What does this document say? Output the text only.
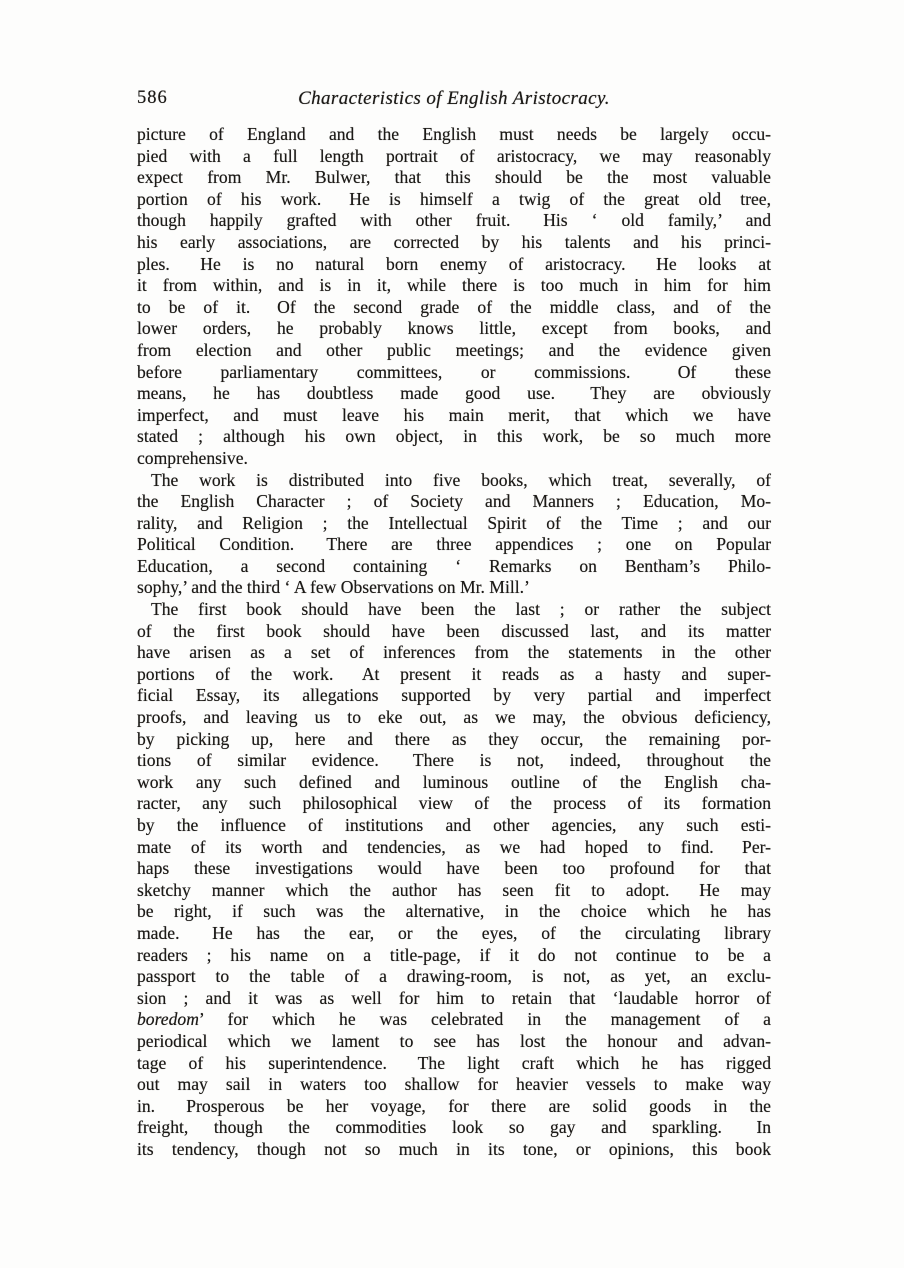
586	Characteristics of English Aristocracy.
picture of England and the English must needs be largely occu-
pied with a full length portrait of aristocracy, we may reasonably
expect from Mr. Bulwer, that this should be the most valuable
portion of his work.  He is himself a twig of the great old tree,
though happily grafted with other fruit.  His ‘ old family,’ and
his early associations, are corrected by his talents and his princi-
ples.  He is no natural born enemy of aristocracy.  He looks at
it from within, and is in it, while there is too much in him for him
to be of it.  Of the second grade of the middle class, and of the
lower orders, he probably knows little, except from books, and
from election and other public meetings; and the evidence given
before parliamentary committees, or commissions.  Of these
means, he has doubtless made good use.  They are obviously
imperfect, and must leave his main merit, that which we have
stated ; although his own object, in this work, be so much more
comprehensive.
The work is distributed into five books, which treat, severally, of
the English Character ; of Society and Manners ; Education, Mo-
rality, and Religion ; the Intellectual Spirit of the Time ; and our
Political Condition.  There are three appendices ; one on Popular
Education, a second containing ‘ Remarks on Bentham’s Philo-
sophy,’ and the third ‘ A few Observations on Mr. Mill.’
The first book should have been the last ; or rather the subject
of the first book should have been discussed last, and its matter
have arisen as a set of inferences from the statements in the other
portions of the work.  At present it reads as a hasty and super-
ficial Essay, its allegations supported by very partial and imperfect
proofs, and leaving us to eke out, as we may, the obvious deficiency,
by picking up, here and there as they occur, the remaining por-
tions of similar evidence.  There is not, indeed, throughout the
work any such defined and luminous outline of the English cha-
racter, any such philosophical view of the process of its formation
by the influence of institutions and other agencies, any such esti-
mate of its worth and tendencies, as we had hoped to find.  Per-
haps these investigations would have been too profound for that
sketchy manner which the author has seen fit to adopt.  He may
be right, if such was the alternative, in the choice which he has
made.  He has the ear, or the eyes, of the circulating library
readers ; his name on a title-page, if it do not continue to be a
passport to the table of a drawing-room, is not, as yet, an exclu-
sion ; and it was as well for him to retain that ‘laudable horror of
boredom’ for which he was celebrated in the management of a
periodical which we lament to see has lost the honour and advan-
tage of his superintendence.  The light craft which he has rigged
out may sail in waters too shallow for heavier vessels to make way
in.  Prosperous be her voyage, for there are solid goods in the
freight, though the commodities look so gay and sparkling.  In
its tendency, though not so much in its tone, or opinions, this book
